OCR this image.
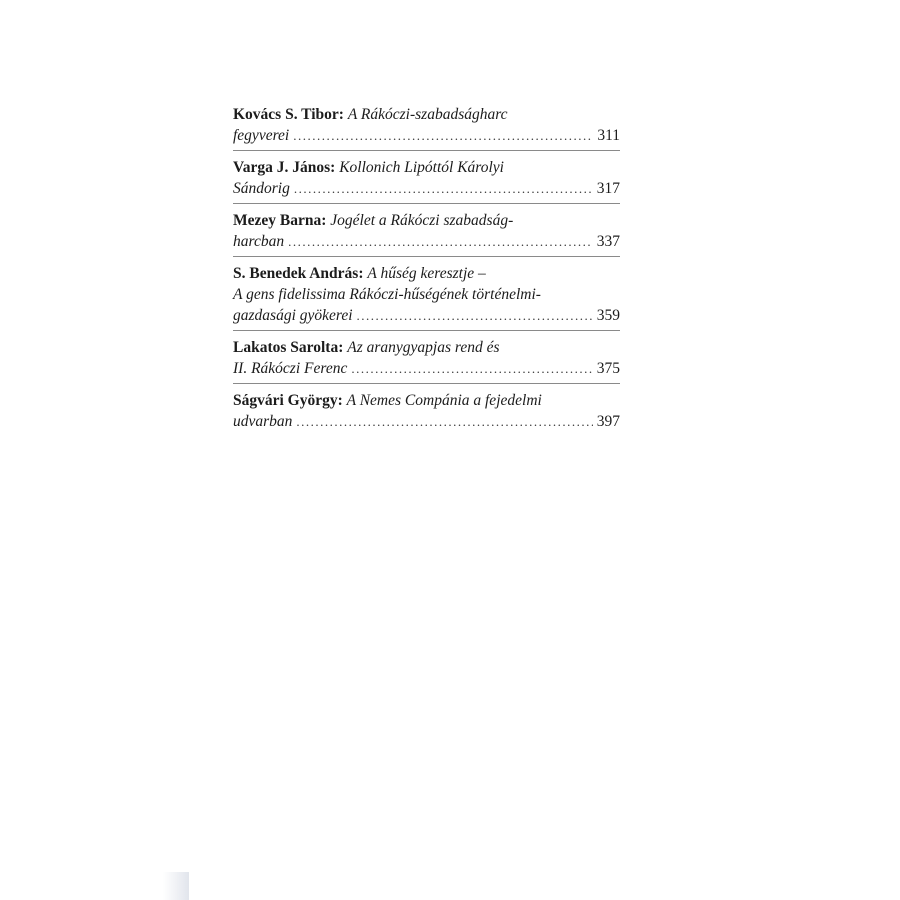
Kovács S. Tibor: A Rákóczi-szabadságharc
fegyverei .....	311
Varga J. János: Kollonich Lipóttól Károlyi
Sándorig .....	317
Mezey Barna: Jogélet a Rákóczi szabadság-
harcban .....	337
S. Benedek András: A hűség keresztje –
A gens fidelissima Rákóczi-hűségének történelmi-
gazdasági gyökerei .....	359
Lakatos Sarolta: Az aranygyapjas rend és
II. Rákóczi Ferenc .....	375
Ságvári György: A Nemes Compánia a fejedelmi
udvarban .....	397
